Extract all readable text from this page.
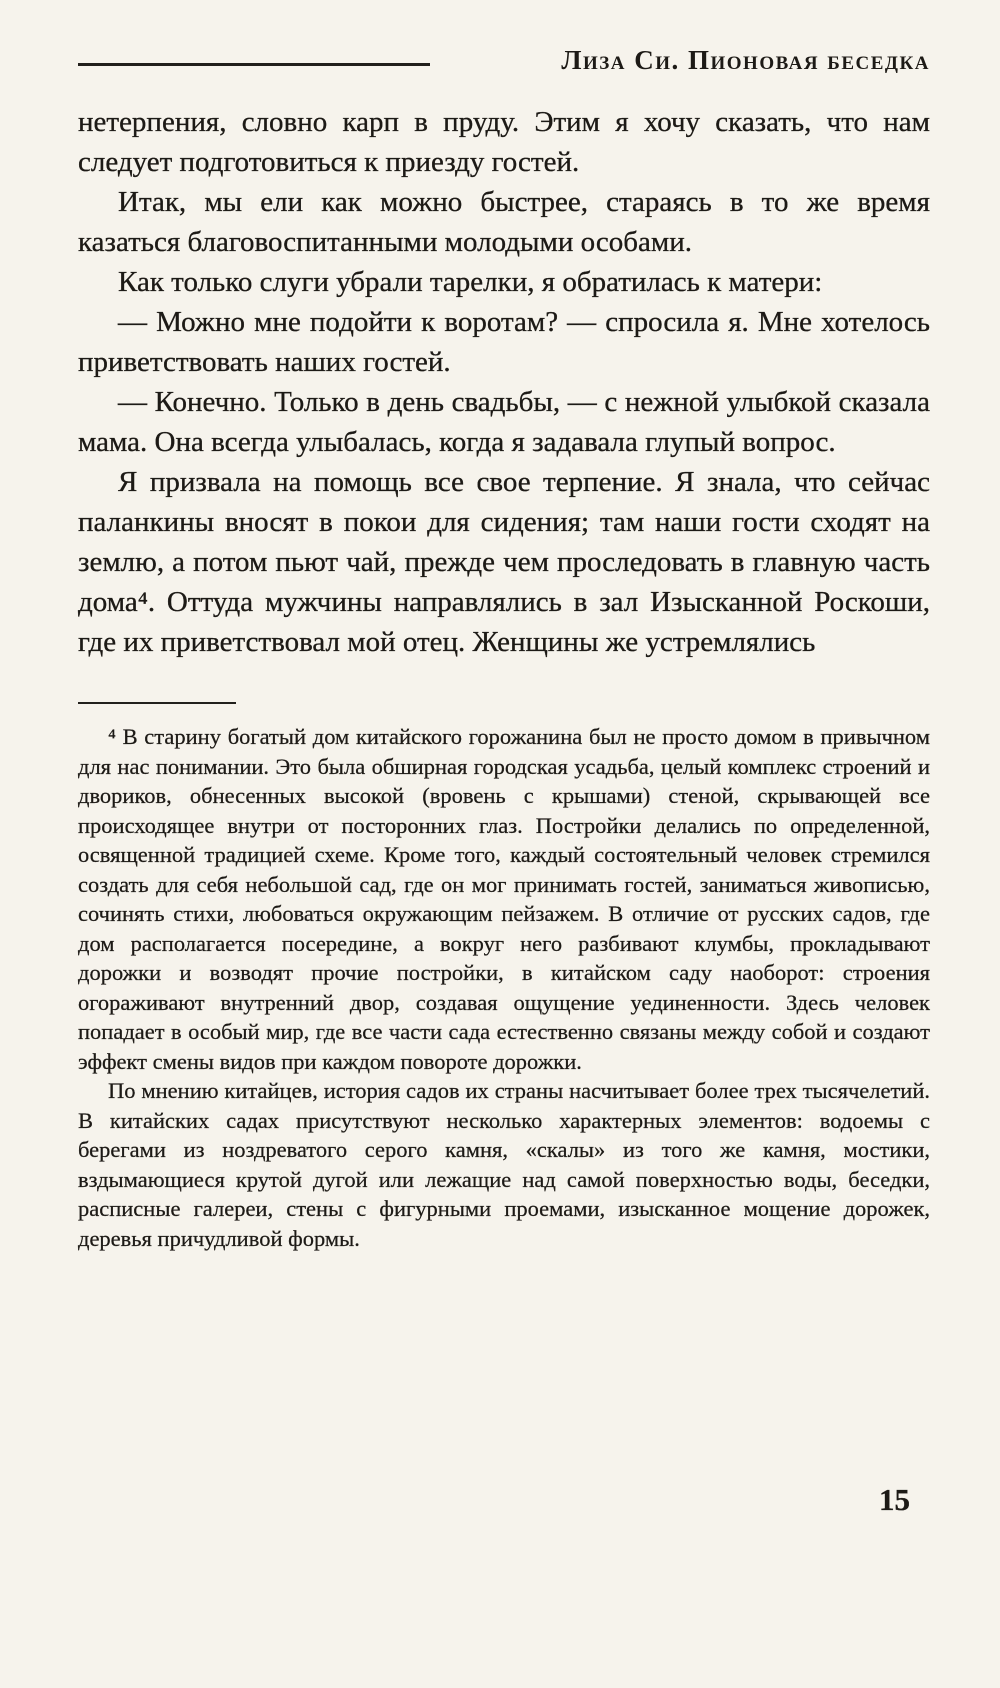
Лиза Си. Пионовая беседка

нетерпения, словно карп в пруду. Этим я хочу сказать, что нам следует подготовиться к приезду гостей.

Итак, мы ели как можно быстрее, стараясь в то же время казаться благовоспитанными молодыми особами.

Как только слуги убрали тарелки, я обратилась к матери:

— Можно мне подойти к воротам? — спросила я. Мне хотелось приветствовать наших гостей.

— Конечно. Только в день свадьбы, — с нежной улыбкой сказала мама. Она всегда улыбалась, когда я задавала глупый вопрос.

Я призвала на помощь все свое терпение. Я знала, что сейчас паланкины вносят в покои для сидения; там наши гости сходят на землю, а потом пьют чай, прежде чем проследовать в главную часть дома⁴. Оттуда мужчины направлялись в зал Изысканной Роскоши, где их приветствовал мой отец. Женщины же устремлялись

⁴ В старину богатый дом китайского горожанина был не просто домом в привычном для нас понимании. Это была обширная городская усадьба, целый комплекс строений и двориков, обнесенных высокой (вровень с крышами) стеной, скрывающей все происходящее внутри от посторонних глаз. Постройки делались по определенной, освященной традицией схеме. Кроме того, каждый состоятельный человек стремился создать для себя небольшой сад, где он мог принимать гостей, заниматься живописью, сочинять стихи, любоваться окружающим пейзажем. В отличие от русских садов, где дом располагается посередине, а вокруг него разбивают клумбы, прокладывают дорожки и возводят прочие постройки, в китайском саду наоборот: строения огораживают внутренний двор, создавая ощущение уединенности. Здесь человек попадает в особый мир, где все части сада естественно связаны между собой и создают эффект смены видов при каждом повороте дорожки.

По мнению китайцев, история садов их страны насчитывает более трех тысячелетий. В китайских садах присутствуют несколько характерных элементов: водоемы с берегами из ноздреватого серого камня, «скалы» из того же камня, мостики, вздымающиеся крутой дугой или лежащие над самой поверхностью воды, беседки, расписные галереи, стены с фигурными проемами, изысканное мощение дорожек, деревья причудливой формы.

15
